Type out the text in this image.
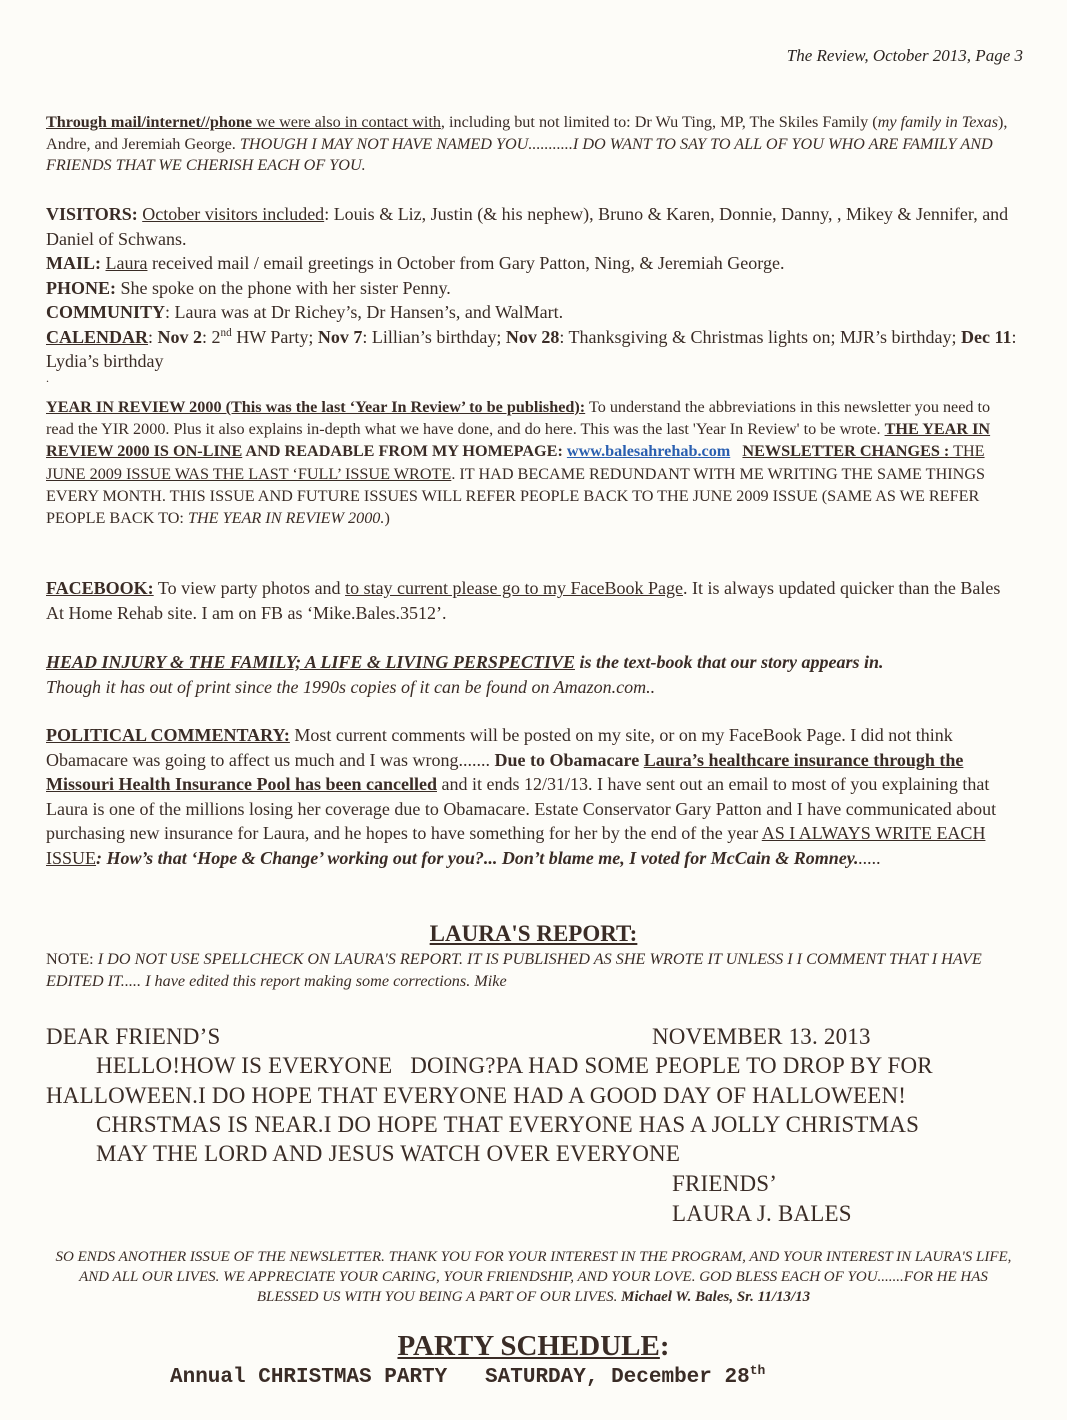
The Review, October 2013, Page 3
Through mail/internet//phone we were also in contact with, including but not limited to: Dr Wu Ting, MP, The Skiles Family (my family in Texas), Andre, and Jeremiah George. THOUGH I MAY NOT HAVE NAMED YOU...........I DO WANT TO SAY TO ALL OF YOU WHO ARE FAMILY AND FRIENDS THAT WE CHERISH EACH OF YOU.

VISITORS: October visitors included: Louis & Liz, Justin (& his nephew), Bruno & Karen, Donnie, Danny, , Mikey & Jennifer, and Daniel of Schwans.

MAIL: Laura received mail / email greetings in October from Gary Patton, Ning, & Jeremiah George.

PHONE: She spoke on the phone with her sister Penny.

COMMUNITY: Laura was at Dr Richey’s, Dr Hansen’s, and WalMart.

CALENDAR: Nov 2: 2nd HW Party; Nov 7: Lillian’s birthday; Nov 28: Thanksgiving & Christmas lights on; MJR’s birthday; Dec 11: Lydia’s birthday

.
YEAR IN REVIEW 2000 (This was the last ‘Year In Review’ to be published): To understand the abbreviations in this newsletter you need to read the YIR 2000. Plus it also explains in-depth what we have done, and do here. This was the last 'Year In Review' to be wrote. THE YEAR IN REVIEW 2000 IS ON-LINE AND READABLE FROM MY HOMEPAGE: www.balesahrehab.com NEWSLETTER CHANGES : THE JUNE 2009 ISSUE WAS THE LAST ‘FULL’ ISSUE WROTE. IT HAD BECAME REDUNDANT WITH ME WRITING THE SAME THINGS EVERY MONTH. THIS ISSUE AND FUTURE ISSUES WILL REFER PEOPLE BACK TO THE JUNE 2009 ISSUE (SAME AS WE REFER PEOPLE BACK TO: THE YEAR IN REVIEW 2000.)
FACEBOOK: To view party photos and to stay current please go to my FaceBook Page. It is always updated quicker than the Bales At Home Rehab site. I am on FB as ‘Mike.Bales.3512’.

HEAD INJURY & THE FAMILY; A LIFE & LIVING PERSPECTIVE is the text-book that our story appears in.

Though it has out of print since the 1990s copies of it can be found on Amazon.com..

POLITICAL COMMENTARY: Most current comments will be posted on my site, or on my FaceBook Page. I did not think Obamacare was going to affect us much and I was wrong....... Due to Obamacare Laura’s healthcare insurance through the Missouri Health Insurance Pool has been cancelled and it ends 12/31/13. I have sent out an email to most of you explaining that Laura is one of the millions losing her coverage due to Obamacare. Estate Conservator Gary Patton and I have communicated about purchasing new insurance for Laura, and he hopes to have something for her by the end of the year AS I ALWAYS WRITE EACH ISSUE: How’s that ‘Hope & Change’ working out for you?... Don’t blame me, I voted for McCain & Romney......
LAURA'S REPORT:
NOTE: I DO NOT USE SPELLCHECK ON LAURA'S REPORT. IT IS PUBLISHED AS SHE WROTE IT UNLESS I I COMMENT THAT I HAVE EDITED IT..... I have edited this report making some corrections. Mike
DEAR FRIEND’S	NOVEMBER 13. 2013
HELLO!HOW IS EVERYONE   DOING?PA HAD SOME PEOPLE TO DROP BY FOR
HALLOWEEN.I DO HOPE THAT EVERYONE HAD A GOOD DAY OF HALLOWEEN!
CHRSTMAS IS NEAR.I DO HOPE THAT EVERYONE HAS A JOLLY CHRISTMAS
MAY THE LORD AND JESUS WATCH OVER EVERYONE
FRIENDS’
LAURA J. BALES
SO ENDS ANOTHER ISSUE OF THE NEWSLETTER. THANK YOU FOR YOUR INTEREST IN THE PROGRAM, AND YOUR INTEREST IN LAURA'S LIFE, AND ALL OUR LIVES. WE APPRECIATE YOUR CARING, YOUR FRIENDSHIP, AND YOUR LOVE. GOD BLESS EACH OF YOU.......FOR HE HAS BLESSED US WITH YOU BEING A PART OF OUR LIVES. Michael W. Bales, Sr. 11/13/13
PARTY SCHEDULE:
Annual CHRISTMAS PARTY   SATURDAY, December 28th
